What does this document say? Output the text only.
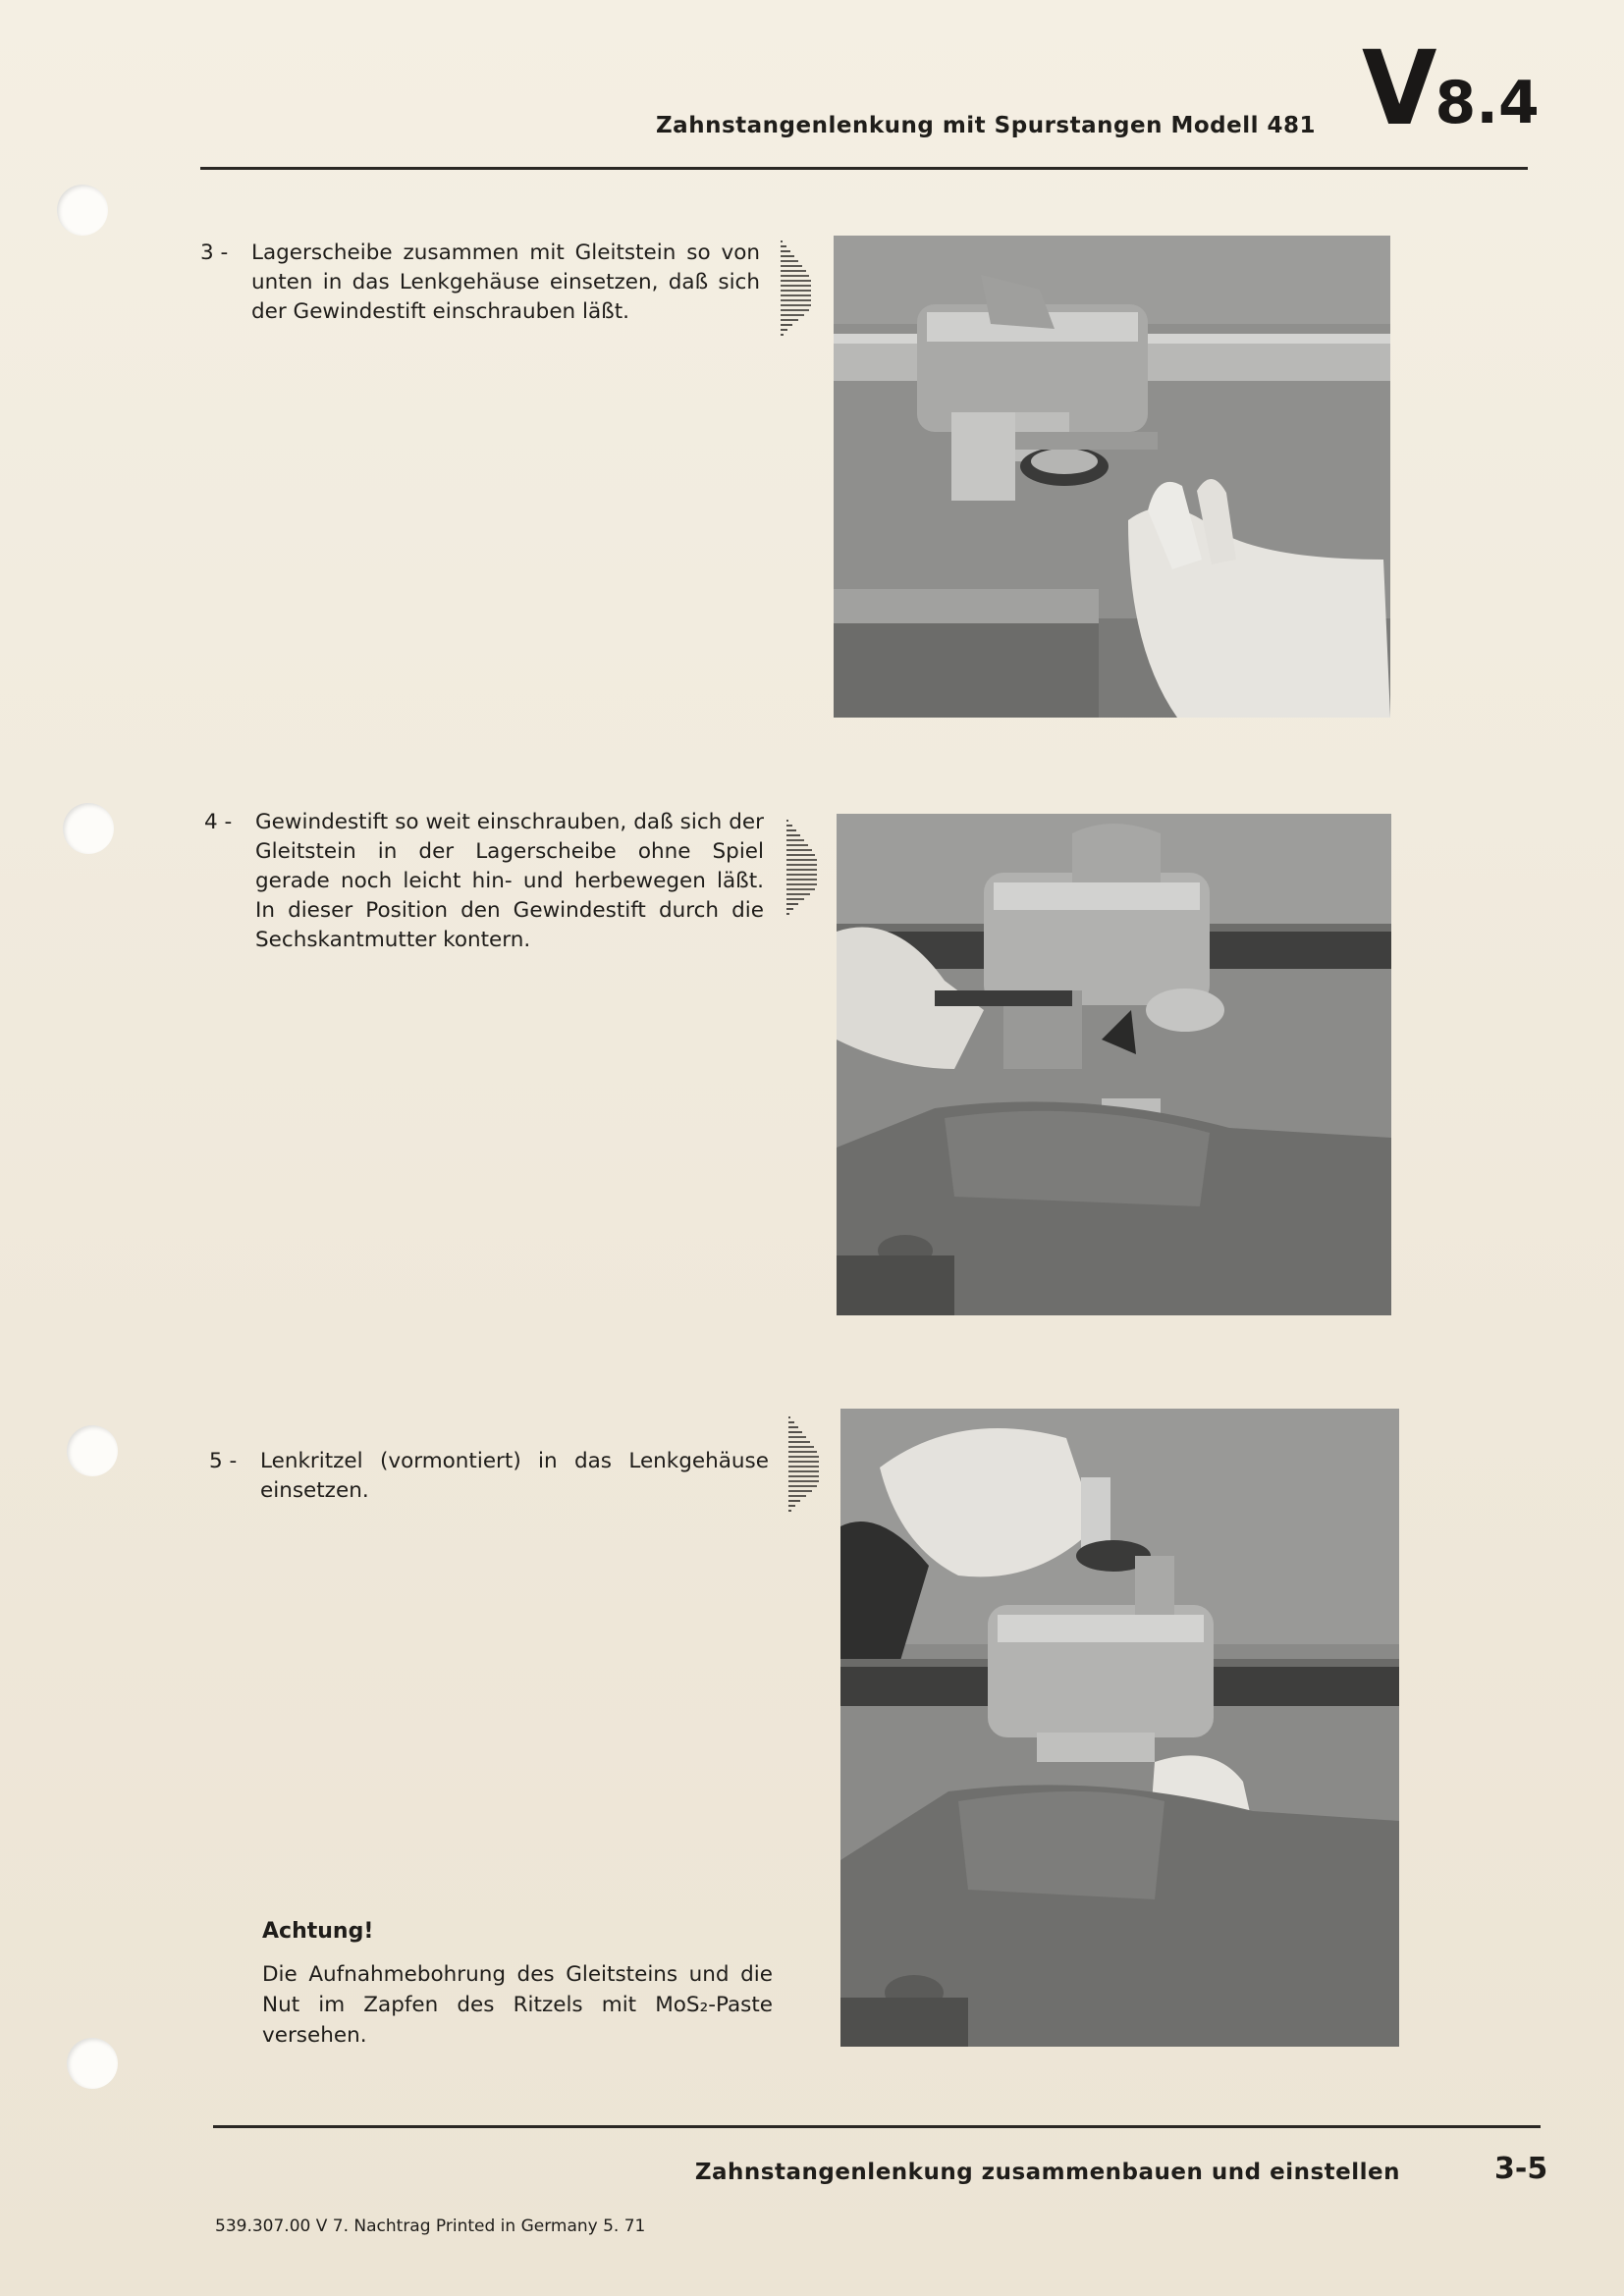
Zahnstangenlenkung mit Spurstangen Modell 481 V8.4
3 - Lagerscheibe zusammen mit Gleitstein so von unten in das Lenkgehäuse einsetzen, daß sich der Gewindestift einschrauben läßt.
4 - Gewindestift so weit einschrauben, daß sich der Gleitstein in der Lagerscheibe ohne Spiel gerade noch leicht hin- und herbewegen läßt. In dieser Position den Gewindestift durch die Sechskantmutter kontern.
5 - Lenkritzel (vormontiert) in das Lenkgehäuse einsetzen.
Achtung!
Die Aufnahmebohrung des Gleitsteins und die Nut im Zapfen des Ritzels mit MoS₂-Paste versehen.
Zahnstangenlenkung zusammenbauen und einstellen	3-5
539.307.00 V 7. Nachtrag Printed in Germany 5. 71
